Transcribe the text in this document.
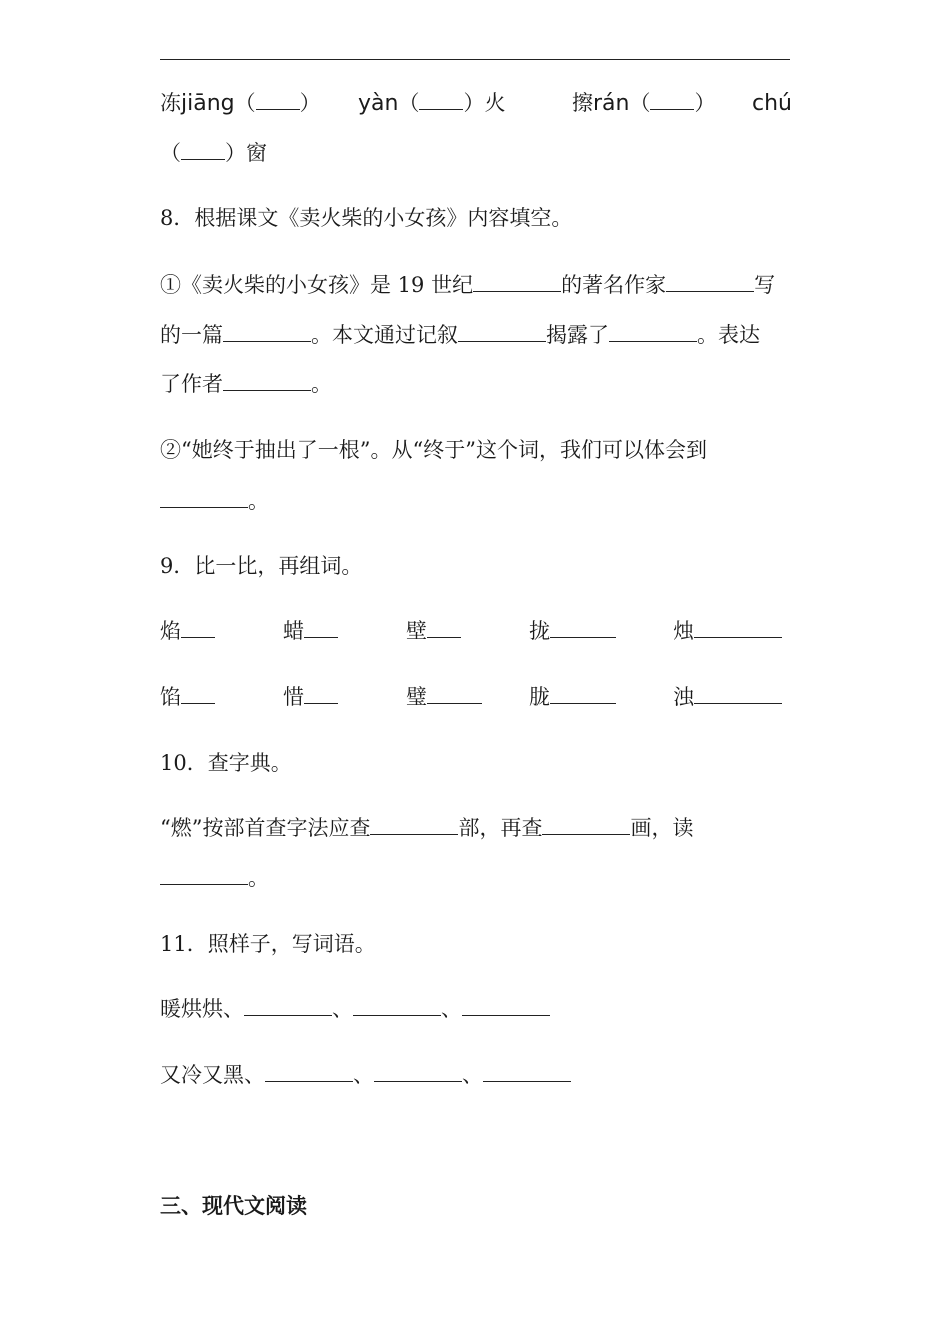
冻jiāng（ ） yàn（ ）火	擦rán（ ） chú
（ ）窗
8．根据课文《卖火柴的小女孩》内容填空。
①《卖火柴的小女孩》是 19 世纪	的著名作家	写
的一篇	。本文通过记叙	揭露了	。表达
了作者	。
②“她终于抽出了一根”。从“终于”这个词，我们可以体会到
。
9．比一比，再组词。
焰	蜡	壁	拢	烛
馅	惜	璧	胧	浊
10．查字典。
“燃”按部首查字法应查	部，再查	画，读
。
11．照样子，写词语。
暖烘烘、	、	、
又冷又黑、	、	、
三、现代文阅读
